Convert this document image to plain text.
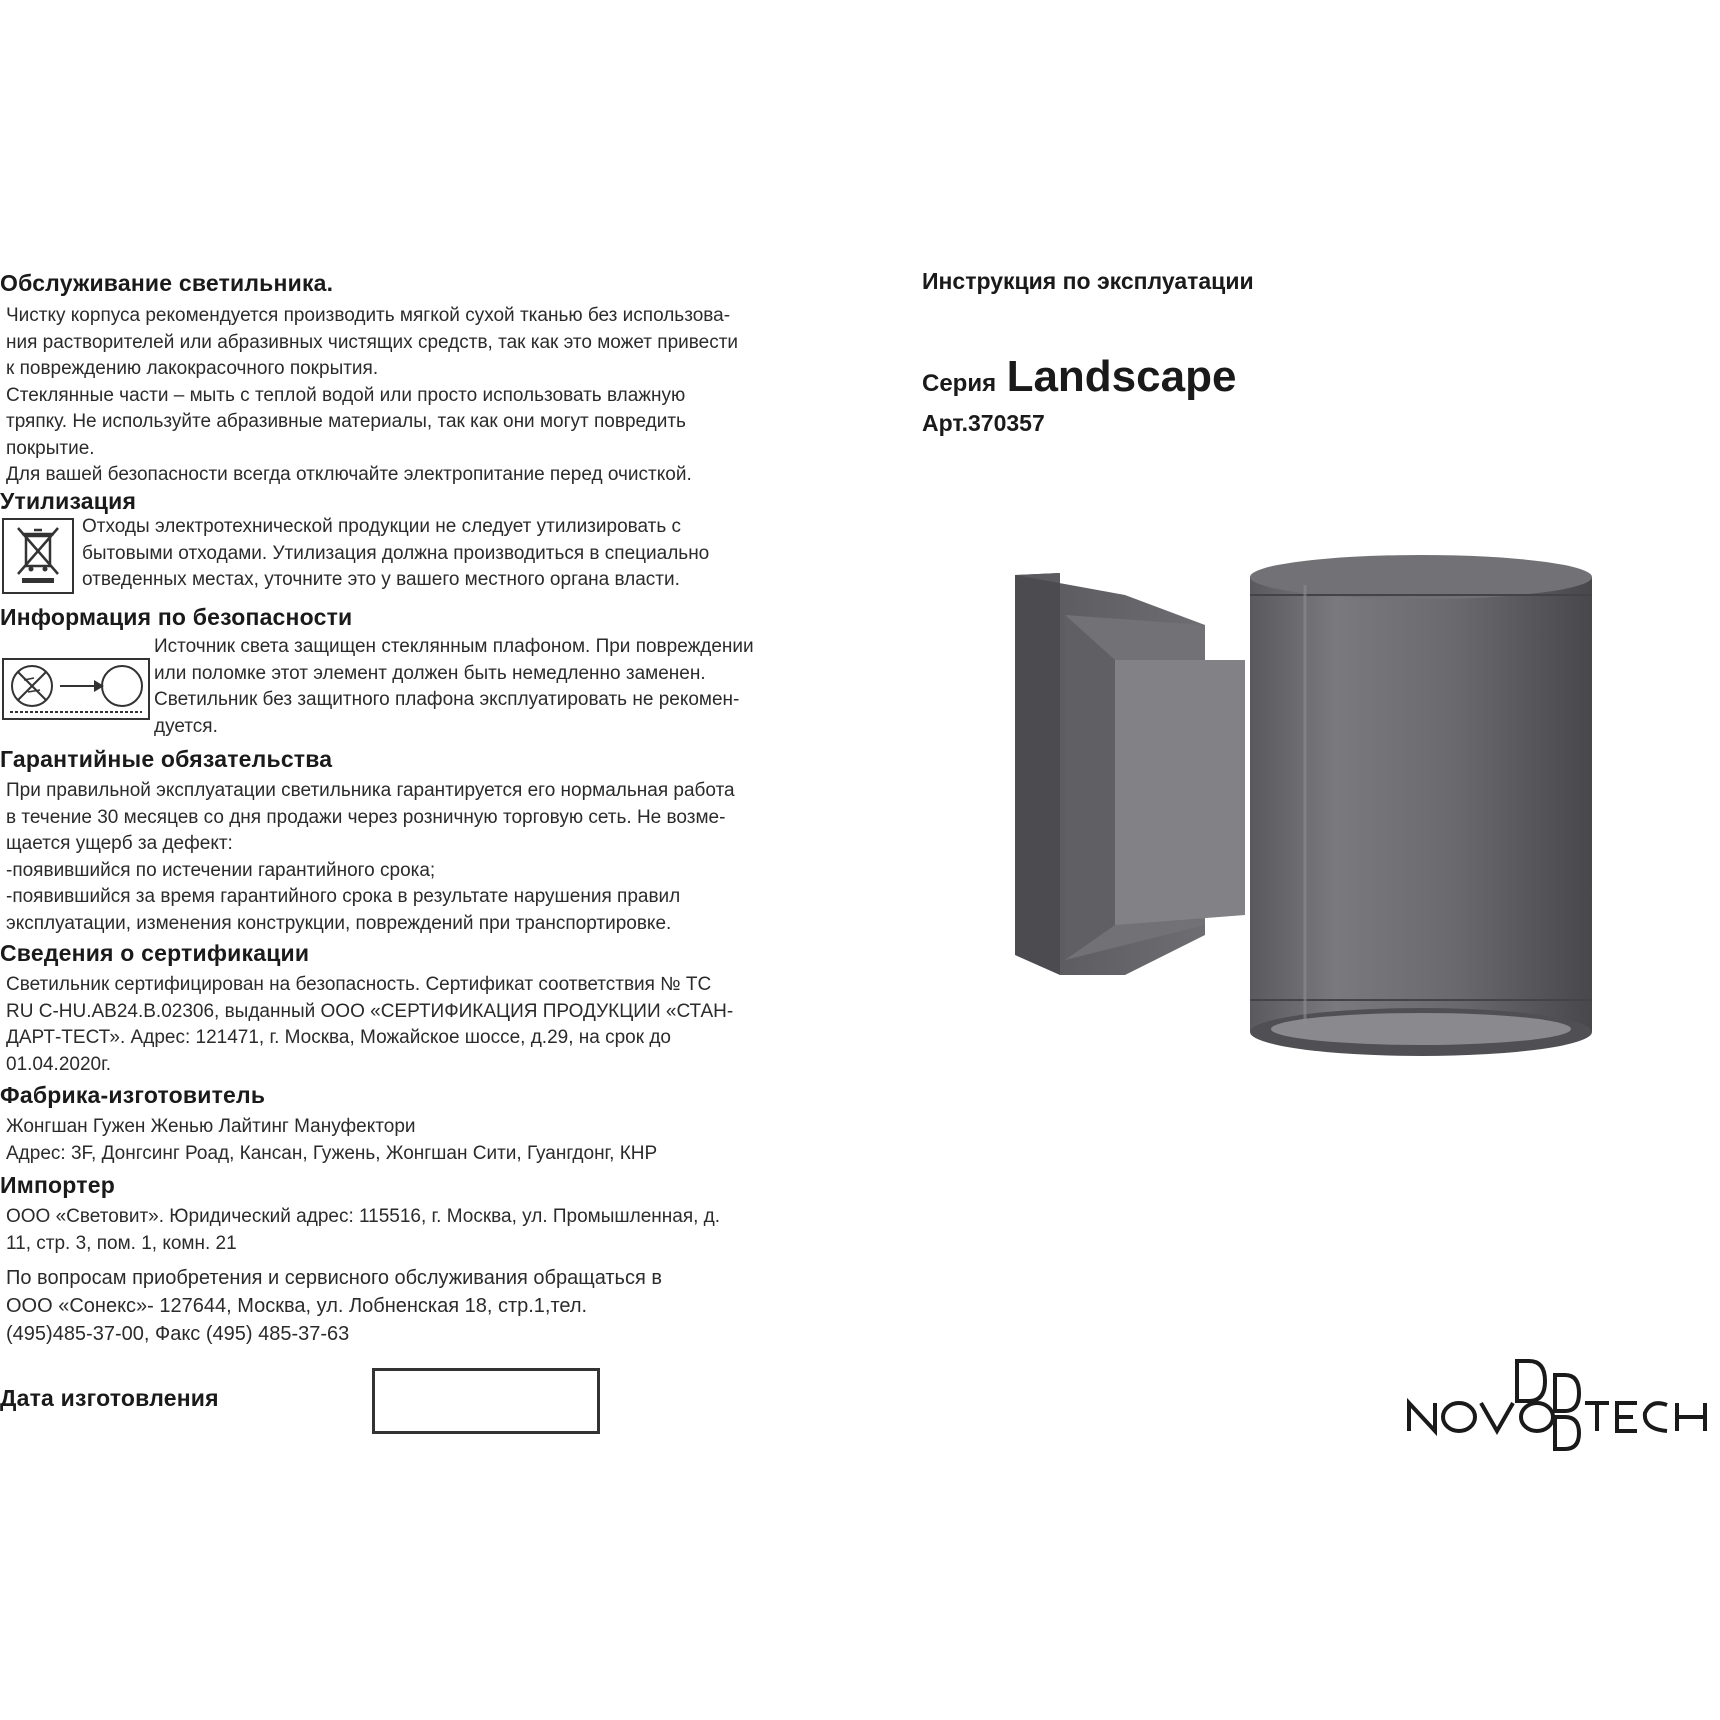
Обслуживание светильника.
Чистку корпуса рекомендуется производить мягкой сухой тканью без использова-
ния растворителей или абразивных чистящих средств, так как это может привести
к повреждению лакокрасочного покрытия.
Стеклянные части – мыть с теплой водой или просто использовать влажную
тряпку. Не используйте абразивные материалы, так как они могут повредить
покрытие.
Для вашей безопасности всегда отключайте электропитание перед очисткой.
Утилизация
Отходы электротехнической продукции не следует утилизировать с
бытовыми отходами. Утилизация должна производиться в специально
отведенных местах, уточните это у вашего местного органа власти.
Информация по безопасности
Источник света защищен стеклянным плафоном. При повреждении
или поломке этот элемент должен быть немедленно заменен.
Светильник без защитного плафона эксплуатировать не рекомен-
дуется.
Гарантийные обязательства
При правильной эксплуатации светильника гарантируется его нормальная работа
в течение 30 месяцев со дня продажи через розничную торговую сеть. Не возме-
щается ущерб за дефект:
-появившийся по истечении гарантийного срока;
-появившийся за время гарантийного срока в результате нарушения правил
эксплуатации, изменения конструкции, повреждений при транспортировке.
Сведения о сертификации
Светильник сертифицирован на безопасность. Сертификат соответствия № ТС
RU C-HU.AB24.B.02306, выданный ООО «СЕРТИФИКАЦИЯ ПРОДУКЦИИ «СТАН-
ДАРТ-ТЕСТ». Адрес: 121471, г. Москва, Можайское шоссе, д.29, на срок до
01.04.2020г.
Фабрика-изготовитель
Жонгшан Гужен Женью Лайтинг Мануфектори
Адрес: 3F, Донгсинг Роад, Кансан, Гужень, Жонгшан Сити, Гуангдонг, КНР
Импортер
ООО «Световит». Юридический адрес: 115516, г. Москва, ул. Промышленная, д.
11, стр. 3, пом. 1, комн. 21
По вопросам приобретения и сервисного обслуживания обращаться в
ООО «Сонекс»- 127644, Москва, ул. Лобненская 18, стр.1,тел.
(495)485-37-00, Факс (495) 485-37-63
Дата изготовления
Инструкция по эксплуатации
Серия Landscape
Арт.370357
